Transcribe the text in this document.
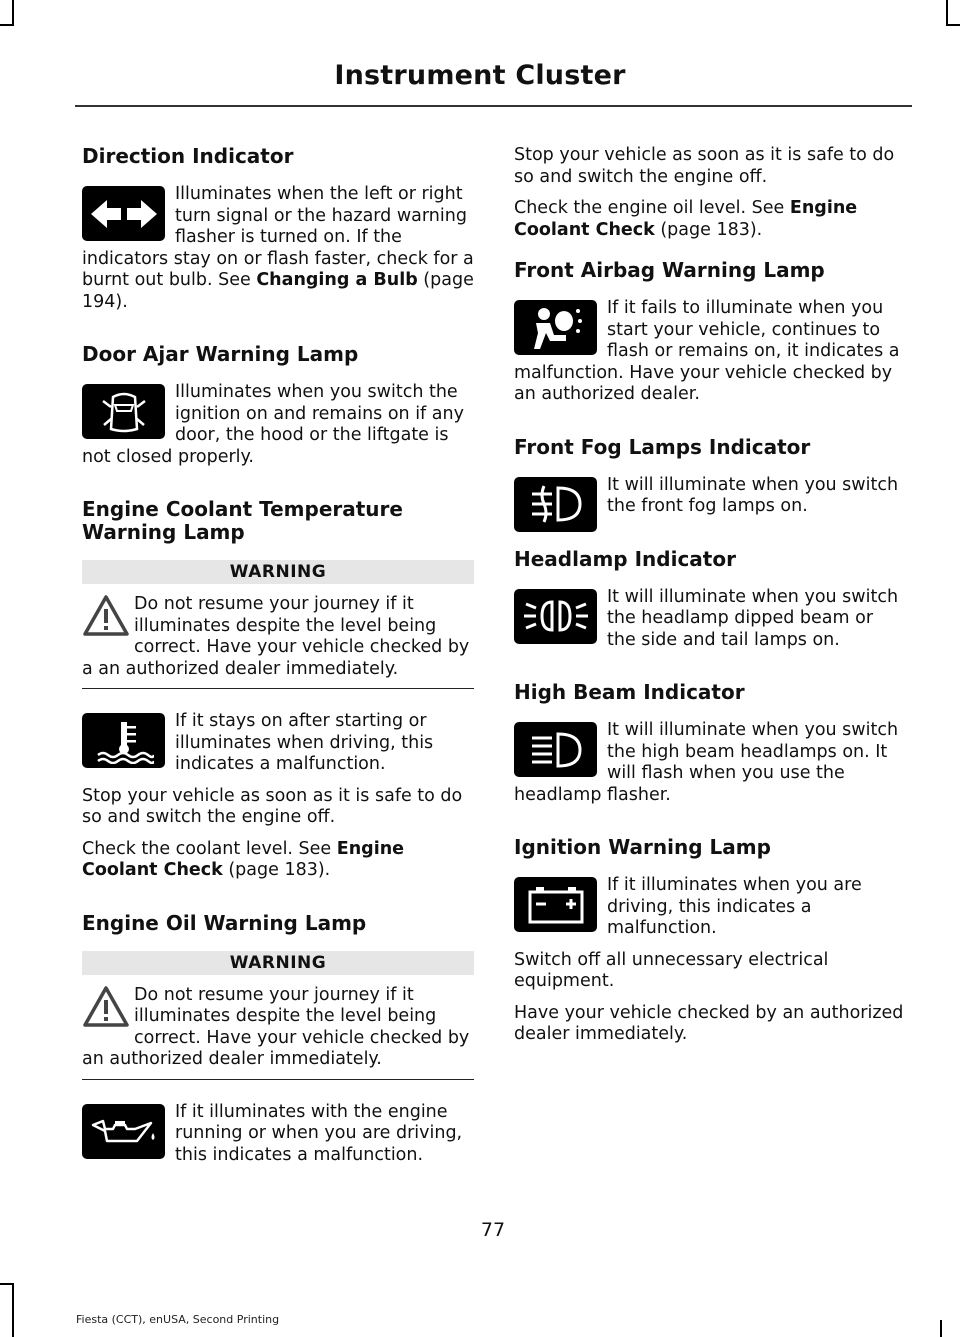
Instrument Cluster
Direction Indicator

Illuminates when the left or right turn signal or the hazard warning flasher is turned on. If the indicators stay on or flash faster, check for a burnt out bulb. See Changing a Bulb (page 194).

Door Ajar Warning Lamp

Illuminates when you switch the ignition on and remains on if any door, the hood or the liftgate is not closed properly.

Engine Coolant Temperature Warning Lamp
WARNING

Do not resume your journey if it illuminates despite the level being correct. Have your vehicle checked by a an authorized dealer immediately.

If it stays on after starting or illuminates when driving, this indicates a malfunction.

Stop your vehicle as soon as it is safe to do so and switch the engine off.

Check the coolant level. See Engine Coolant Check (page 183).

Engine Oil Warning Lamp
WARNING

Do not resume your journey if it illuminates despite the level being correct. Have your vehicle checked by an authorized dealer immediately.

If it illuminates with the engine running or when you are driving, this indicates a malfunction.

Stop your vehicle as soon as it is safe to do so and switch the engine off.

Check the engine oil level. See Engine Coolant Check (page 183).

Front Airbag Warning Lamp

If it fails to illuminate when you start your vehicle, continues to flash or remains on, it indicates a malfunction. Have your vehicle checked by an authorized dealer.

Front Fog Lamps Indicator

It will illuminate when you switch the front fog lamps on.

Headlamp Indicator

It will illuminate when you switch the headlamp dipped beam or the side and tail lamps on.

High Beam Indicator

It will illuminate when you switch the high beam headlamps on. It will flash when you use the headlamp flasher.

Ignition Warning Lamp

If it illuminates when you are driving, this indicates a malfunction.

Switch off all unnecessary electrical equipment.

Have your vehicle checked by an authorized dealer immediately.

77
Fiesta (CCT), enUSA, Second Printing
